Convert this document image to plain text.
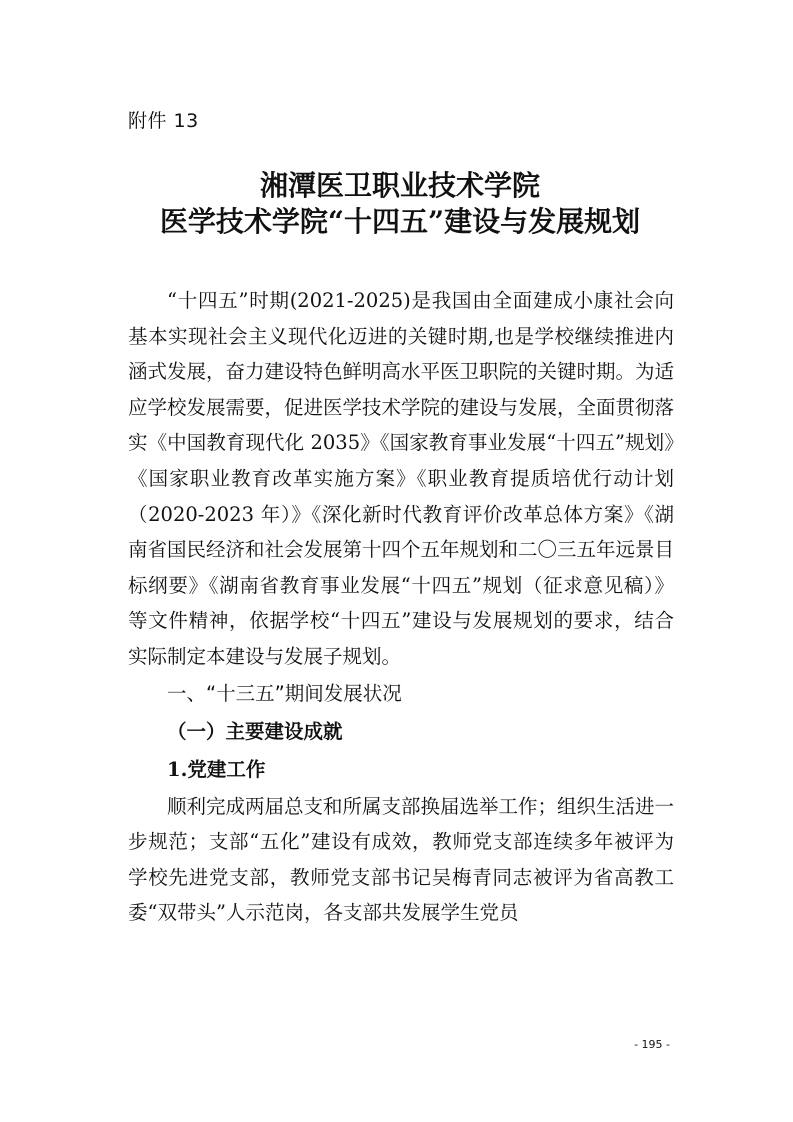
附件 13
湘潭医卫职业技术学院
医学技术学院“十四五”建设与发展规划

“十四五”时期(2021-2025)是我国由全面建成小康社会向基本实现社会主义现代化迈进的关键时期,也是学校继续推进内涵式发展，奋力建设特色鲜明高水平医卫职院的关键时期。为适应学校发展需要，促进医学技术学院的建设与发展，全面贯彻落实《中国教育现代化 2035》《国家教育事业发展“十四五”规划》《国家职业教育改革实施方案》《职业教育提质培优行动计划（2020-2023 年）》《深化新时代教育评价改革总体方案》《湖南省国民经济和社会发展第十四个五年规划和二〇三五年远景目标纲要》《湖南省教育事业发展“十四五”规划（征求意见稿）》等文件精神，依据学校“十四五”建设与发展规划的要求，结合实际制定本建设与发展子规划。

一、“十三五”期间发展状况

（一）主要建设成就

1.党建工作

顺利完成两届总支和所属支部换届选举工作；组织生活进一步规范；支部“五化”建设有成效，教师党支部连续多年被评为学校先进党支部，教师党支部书记吴梅青同志被评为省高教工委“双带头”人示范岗，各支部共发展学生党员

- 195 -
